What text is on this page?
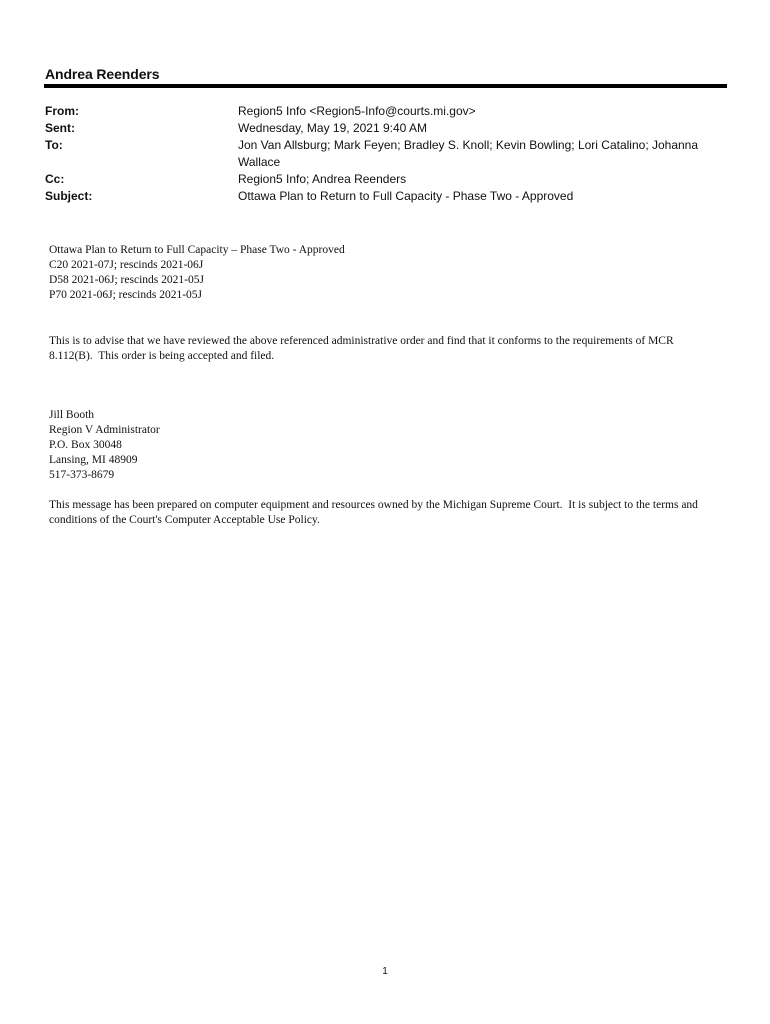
Andrea Reenders
From:	Region5 Info <Region5-Info@courts.mi.gov>
Sent:	Wednesday, May 19, 2021 9:40 AM
To:	Jon Van Allsburg; Mark Feyen; Bradley S. Knoll; Kevin Bowling; Lori Catalino; Johanna Wallace
Cc:	Region5 Info; Andrea Reenders
Subject:	Ottawa Plan to Return to Full Capacity - Phase Two - Approved
Ottawa Plan to Return to Full Capacity – Phase Two - Approved
C20 2021-07J; rescinds 2021-06J
D58 2021-06J; rescinds 2021-05J
P70 2021-06J; rescinds 2021-05J
This is to advise that we have reviewed the above referenced administrative order and find that it conforms to the requirements of MCR 8.112(B).  This order is being accepted and filed.
Jill Booth
Region V Administrator
P.O. Box 30048
Lansing, MI 48909
517-373-8679
This message has been prepared on computer equipment and resources owned by the Michigan Supreme Court.  It is subject to the terms and conditions of the Court's Computer Acceptable Use Policy.
1
